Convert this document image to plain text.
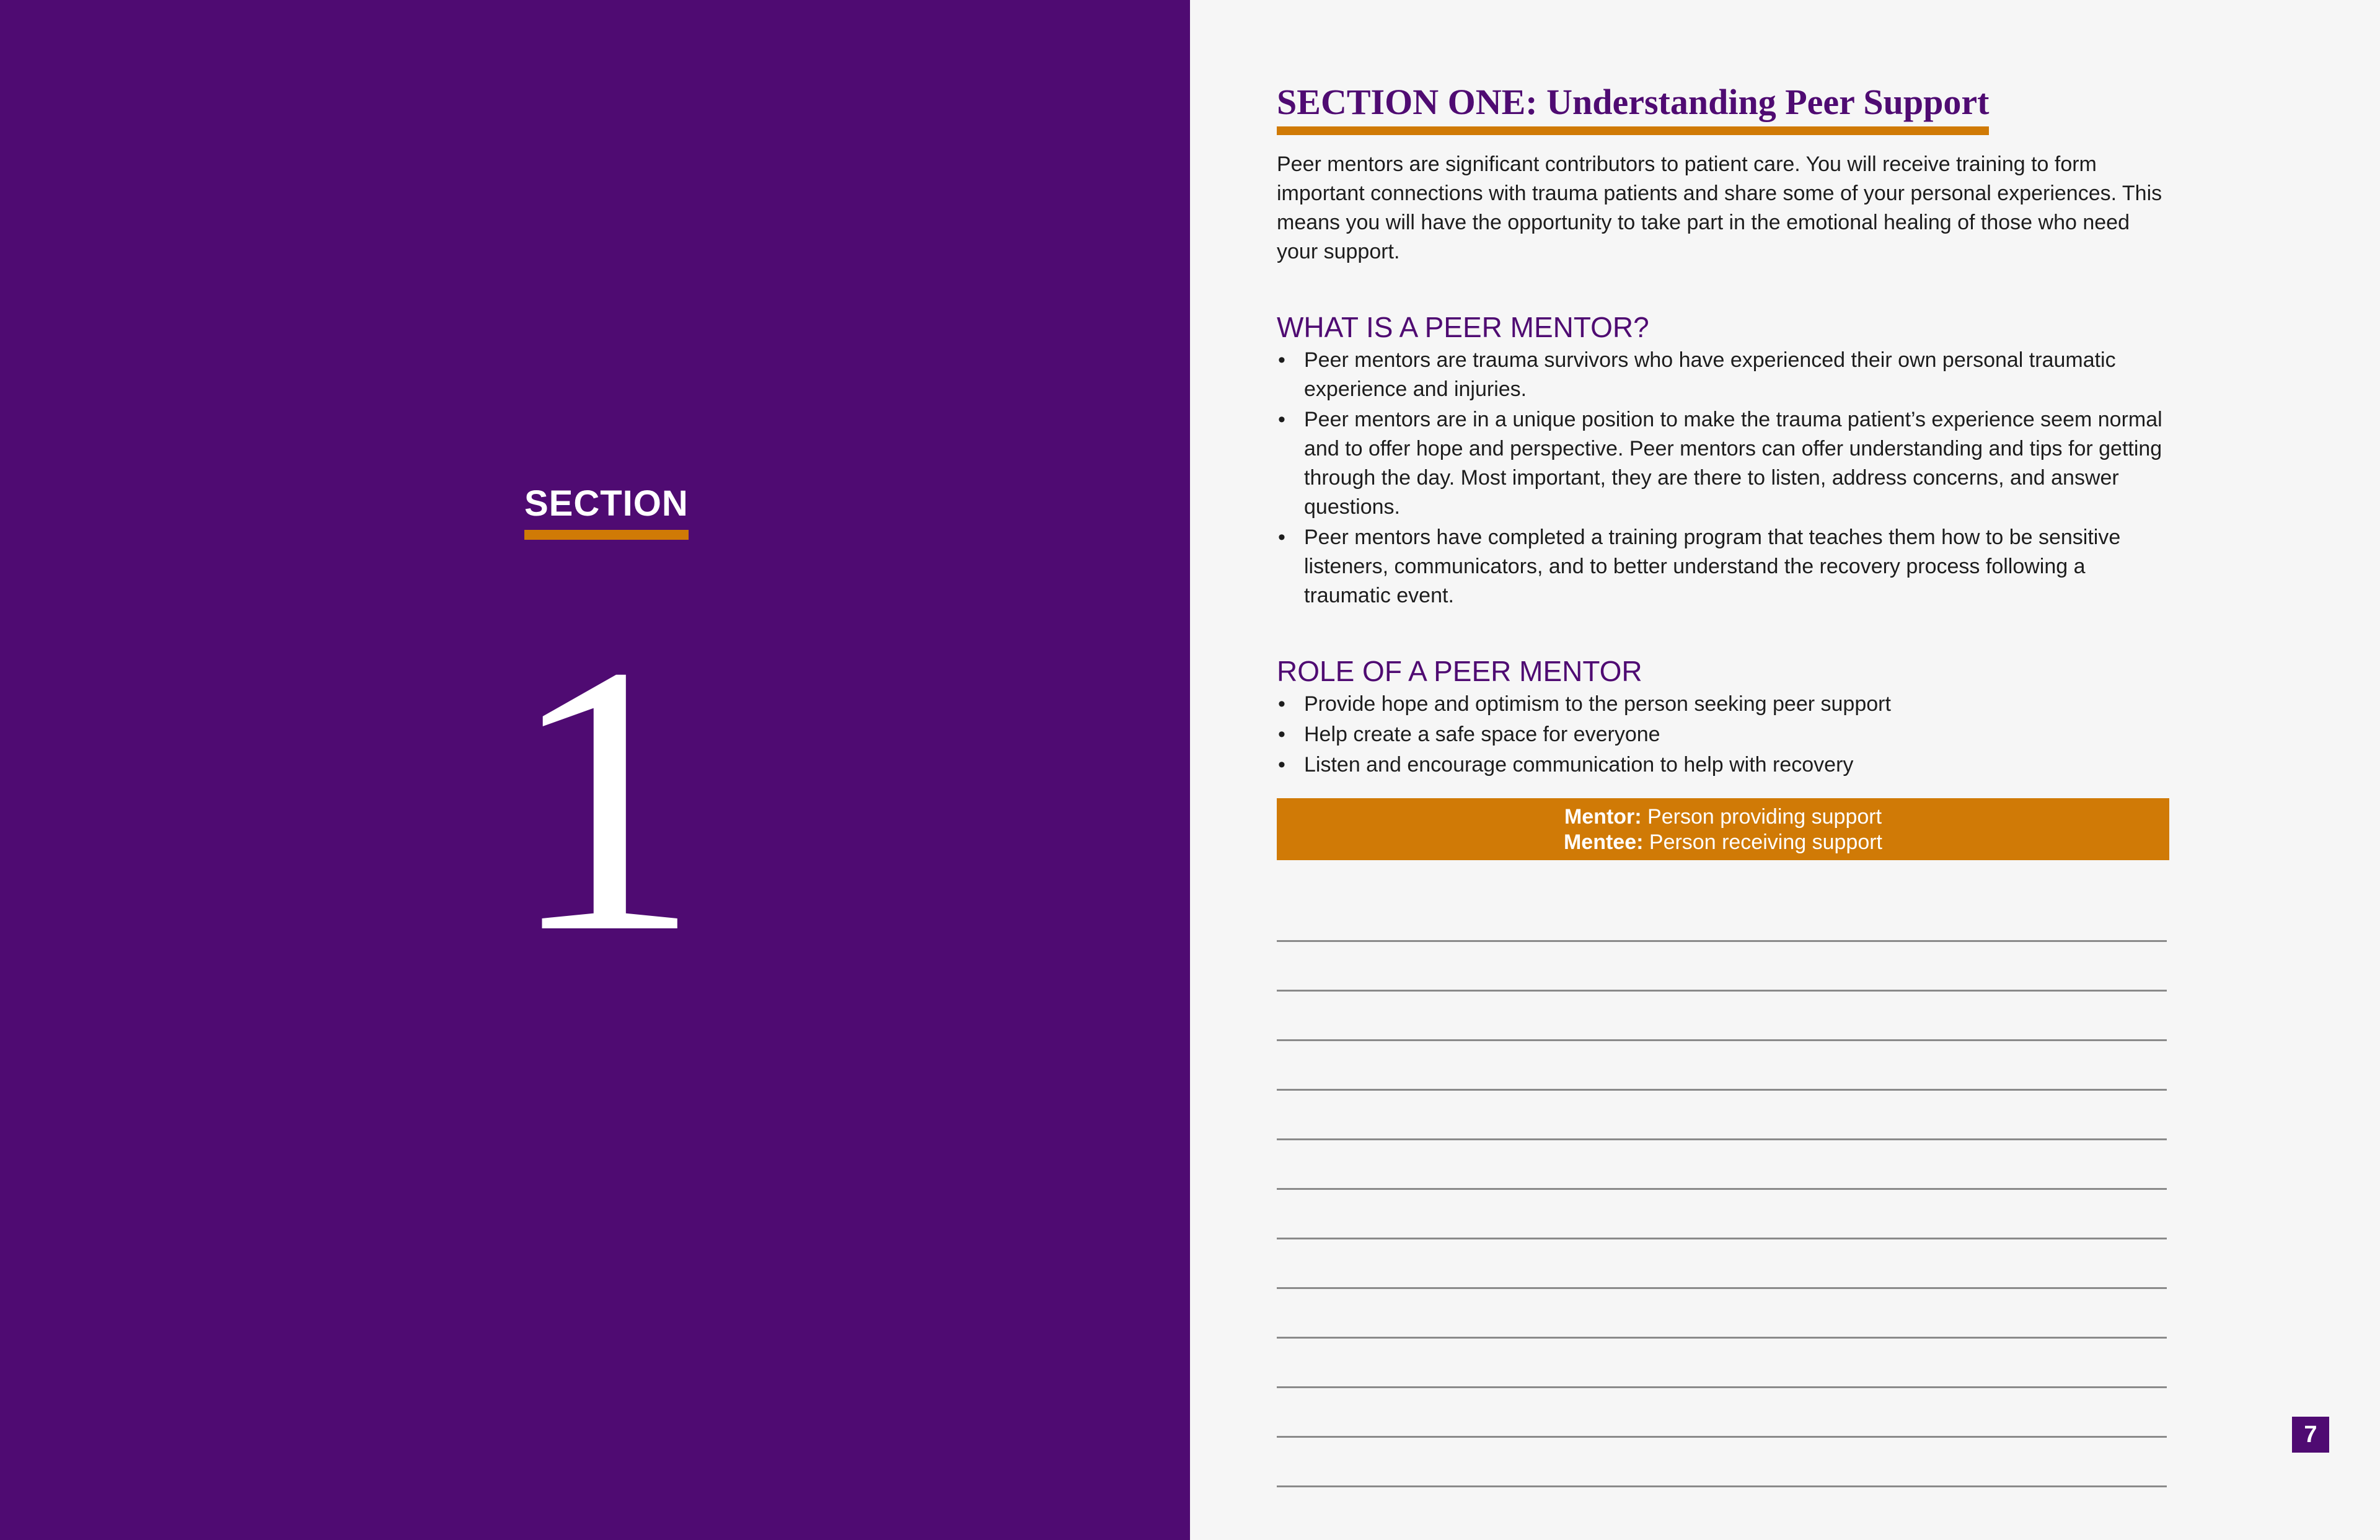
SECTION
1
SECTION ONE: Understanding Peer Support

Peer mentors are significant contributors to patient care. You will receive training to form important connections with trauma patients and share some of your personal experiences. This means you will have the opportunity to take part in the emotional healing of those who need your support.

WHAT IS A PEER MENTOR?
• Peer mentors are trauma survivors who have experienced their own personal traumatic experience and injuries.
• Peer mentors are in a unique position to make the trauma patient’s experience seem normal and to offer hope and perspective. Peer mentors can offer understanding and tips for getting through the day. Most important, they are there to listen, address concerns, and answer questions.
• Peer mentors have completed a training program that teaches them how to be sensitive listeners, communicators, and to better understand the recovery process following a traumatic event.
ROLE OF A PEER MENTOR
• Provide hope and optimism to the person seeking peer support
• Help create a safe space for everyone
• Listen and encourage communication to help with recovery
Mentor: Person providing support
Mentee: Person receiving support
7
